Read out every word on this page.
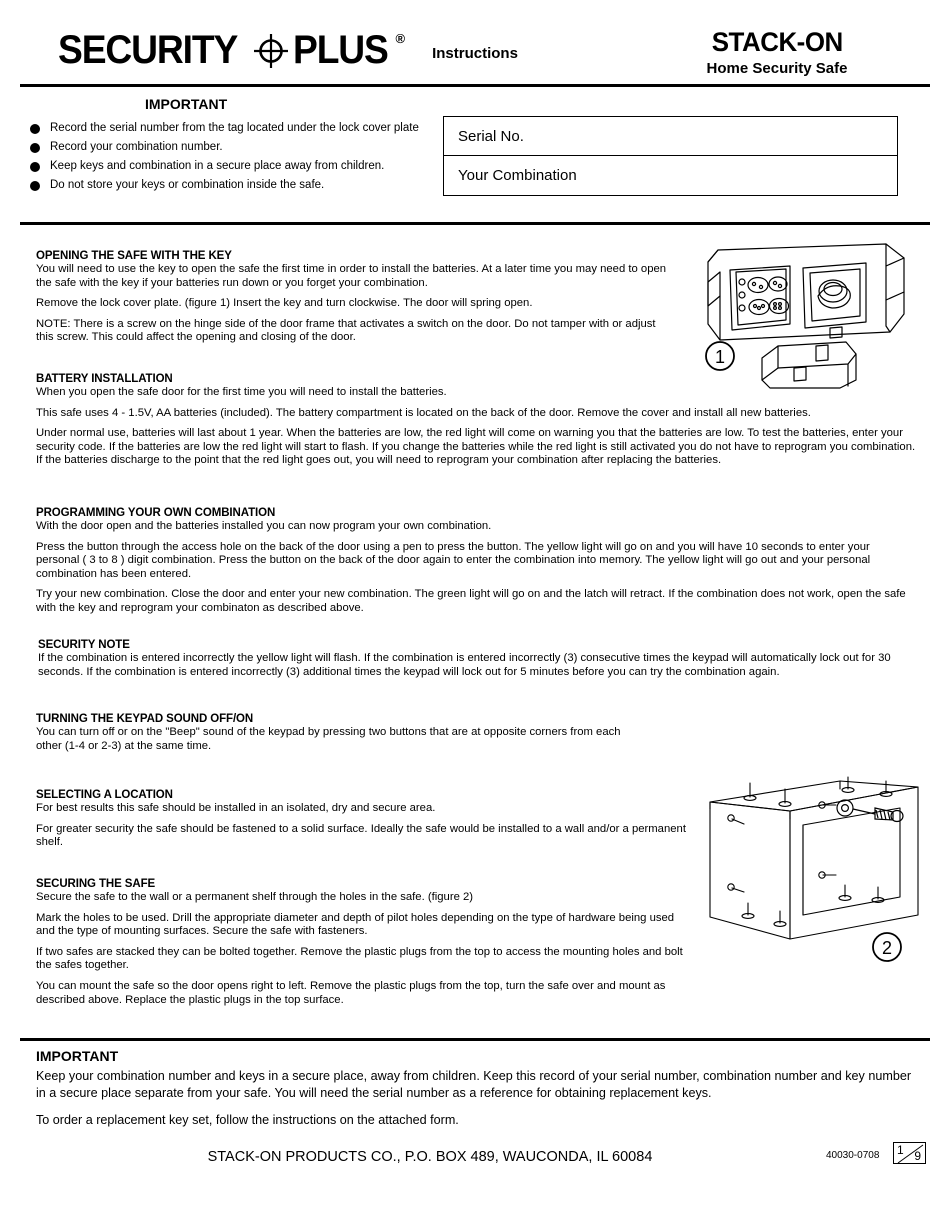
SECURITY PLUS ®
Instructions	STACK-ON
Home Security Safe
IMPORTANT
Record the serial number from the tag located under the lock cover plate
Record your combination number.
Keep keys and combination in a secure place away from children.
Do not store your keys or combination inside the safe.
Serial No.
Your Combination
OPENING THE SAFE WITH THE KEY
You will need to use the key to open the safe the first time in order to install the batteries. At a later time you may need to open the safe with the key if your batteries run down or you forget your combination.
Remove the lock cover plate. (figure 1) Insert the key and turn clockwise. The door will spring open.
NOTE: There is a screw on the hinge side of the door frame that activates a switch on the door. Do not tamper with or adjust this screw. This could affect the opening and closing of the door.
1
BATTERY INSTALLATION
When you open the safe door for the first time you will need to install the batteries.
This safe uses 4 - 1.5V, AA batteries (included). The battery compartment is located on the back of the door. Remove the cover and install all new batteries.
Under normal use, batteries will last about 1 year. When the batteries are low, the red light will come on warning you that the batteries are low. To test the batteries, enter your security code. If the batteries are low the red light will start to flash. If you change the batteries while the red light is still activated you do not have to reprogram you combination. If the batteries discharge to the point that the red light goes out, you will need to reprogram your combination after replacing the batteries.
PROGRAMMING YOUR OWN COMBINATION
With the door open and the batteries installed you can now program your own combination.
Press the button through the access hole on the back of the door using a pen to press the button. The yellow light will go on and you will have 10 seconds to enter your personal ( 3 to 8 ) digit combination. Press the button on the back of the door again to enter the combination into memory. The yellow light will go out and your personal combination has been entered.
Try your new combination. Close the door and enter your new combination. The green light will go on and the latch will retract. If the combination does not work, open the safe with the key and reprogram your combinaton as described above.
SECURITY NOTE
If the combination is entered incorrectly the yellow light will flash. If the combination is entered incorrectly (3) consecutive times the keypad will automatically lock out for 30 seconds. If the combination is entered incorrectly (3) additional times the keypad will lock out for 5 minutes before you can try the combination again.
TURNING THE KEYPAD SOUND OFF/ON
You can turn off or on the "Beep" sound of the keypad by pressing two buttons that are at opposite corners from each other (1-4 or 2-3) at the same time.
SELECTING A LOCATION
For best results this safe should be installed in an isolated, dry and secure area.
For greater security the safe should be fastened to a solid surface. Ideally the safe would be installed to a wall and/or a permanent shelf.
SECURING THE SAFE
Secure the safe to the wall or a permanent shelf through the holes in the safe. (figure 2)
Mark the holes to be used. Drill the appropriate diameter and depth of pilot holes depending on the type of hardware being used and the type of mounting surfaces. Secure the safe with fasteners.
If two safes are stacked they can be bolted together. Remove the plastic plugs from the top to access the mounting holes and bolt the safes together.
You can mount the safe so the door opens right to left. Remove the plastic plugs from the top, turn the safe over and mount as described above. Replace the plastic plugs in the top surface.
2
IMPORTANT
Keep your combination number and keys in a secure place, away from children. Keep this record of your serial number, combination number and key number in a secure place separate from your safe. You will need the serial number as a reference for obtaining replacement keys.
To order a replacement key set, follow the instructions on the attached form.
STACK-ON PRODUCTS CO., P.O. BOX 489, WAUCONDA, IL 60084	40030-0708 1 9
